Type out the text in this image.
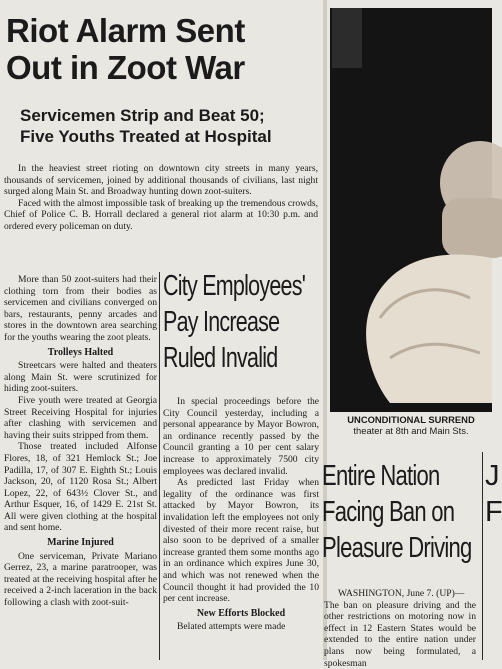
Riot Alarm Sent
Out in Zoot War
Servicemen Strip and Beat 50;
Five Youths Treated at Hospital

In the heaviest street rioting on downtown city streets in many years, thousands of servicemen, joined by additional thousands of civilians, last night surged along Main St. and Broadway hunting down zoot-suiters.

Faced with the almost impossible task of breaking up the tremendous crowds, Chief of Police C. B. Horrall declared a general riot alarm at 10:30 p.m. and ordered every policeman on duty.

More than 50 zoot-suiters had their clothing torn from their bodies as servicemen and civilians converged on bars, restaurants, penny arcades and stores in the downtown area searching for the youths wearing the zoot pleats.

Trolleys Halted

Streetcars were halted and theaters along Main St. were scrutinized for hiding zoot-suiters.

Five youth were treated at Georgia Street Receiving Hospital for injuries after clashing with servicemen and having their suits stripped from them.

Those treated included Alfonse Flores, 18, of 321 Hemlock St.; Joe Padilla, 17, of 307 E. Eighth St.; Louis Jackson, 20, of 1120 Rosa St.; Albert Lopez, 22, of 643½ Clover St., and Arthur Esquer, 16, of 1429 E. 21st St. All were given clothing at the hospital and sent home.

Marine Injured

One serviceman, Private Mariano Gerrez, 23, a marine paratrooper, was treated at the receiving hospital after he received a 2-inch laceration in the back following a clash with zoot-suit-

City Employees'
Pay Increase
Ruled Invalid

In special proceedings before the City Council yesterday, including a personal appearance by Mayor Bowron, an ordinance recently passed by the Council granting a 10 per cent salary increase to approximately 7500 city employees was declared invalid.

As predicted last Friday when legality of the ordinance was first attacked by Mayor Bowron, its invalidation left the employees not only divested of their more recent raise, but also soon to be deprived of a smaller increase granted them some months ago in an ordinance which expires June 30, and which was not renewed when the Council thought it had provided the 10 per cent increase.

New Efforts Blocked

Belated attempts were made

UNCONDITIONAL SURREND
theater at 8th and Main Sts.
Entire Nation
Facing Ban on
Pleasure Driving

WASHINGTON, June 7. (UP)—

The ban on pleasure driving and the other restrictions on motoring now in effect in 12 Eastern States would be extended to the entire nation under plans now being formulated, a spokesman

J
F
